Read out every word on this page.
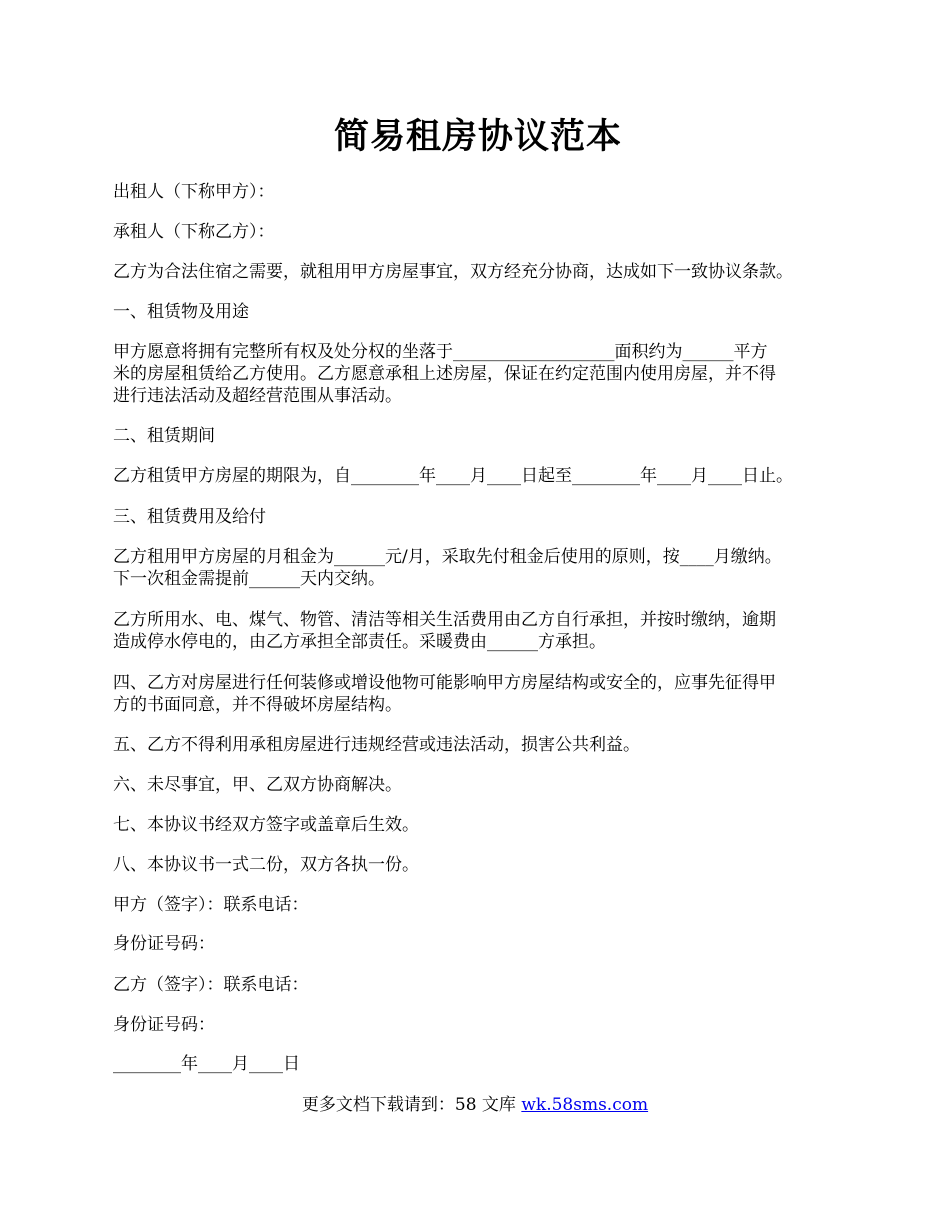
简易租房协议范本
出租人（下称甲方）：
承租人（下称乙方）：
乙方为合法住宿之需要，就租用甲方房屋事宜，双方经充分协商，达成如下一致协议条款。
一、租赁物及用途
甲方愿意将拥有完整所有权及处分权的坐落于___________________面积约为______平方
米的房屋租赁给乙方使用。乙方愿意承租上述房屋，保证在约定范围内使用房屋，并不得
进行违法活动及超经营范围从事活动。
二、租赁期间
乙方租赁甲方房屋的期限为，自________年____月____日起至________年____月____日止。
三、租赁费用及给付
乙方租用甲方房屋的月租金为______元/月，采取先付租金后使用的原则，按____月缴纳。
下一次租金需提前______天内交纳。
乙方所用水、电、煤气、物管、清洁等相关生活费用由乙方自行承担，并按时缴纳，逾期
造成停水停电的，由乙方承担全部责任。采暖费由______方承担。
四、乙方对房屋进行任何装修或增设他物可能影响甲方房屋结构或安全的，应事先征得甲
方的书面同意，并不得破坏房屋结构。
五、乙方不得利用承租房屋进行违规经营或违法活动，损害公共利益。
六、未尽事宜，甲、乙双方协商解决。
七、本协议书经双方签字或盖章后生效。
八、本协议书一式二份，双方各执一份。
甲方（签字）：联系电话：
身份证号码：
乙方（签字）：联系电话：
身份证号码：
________年____月____日
更多文档下载请到：58 文库 wk.58sms.com
